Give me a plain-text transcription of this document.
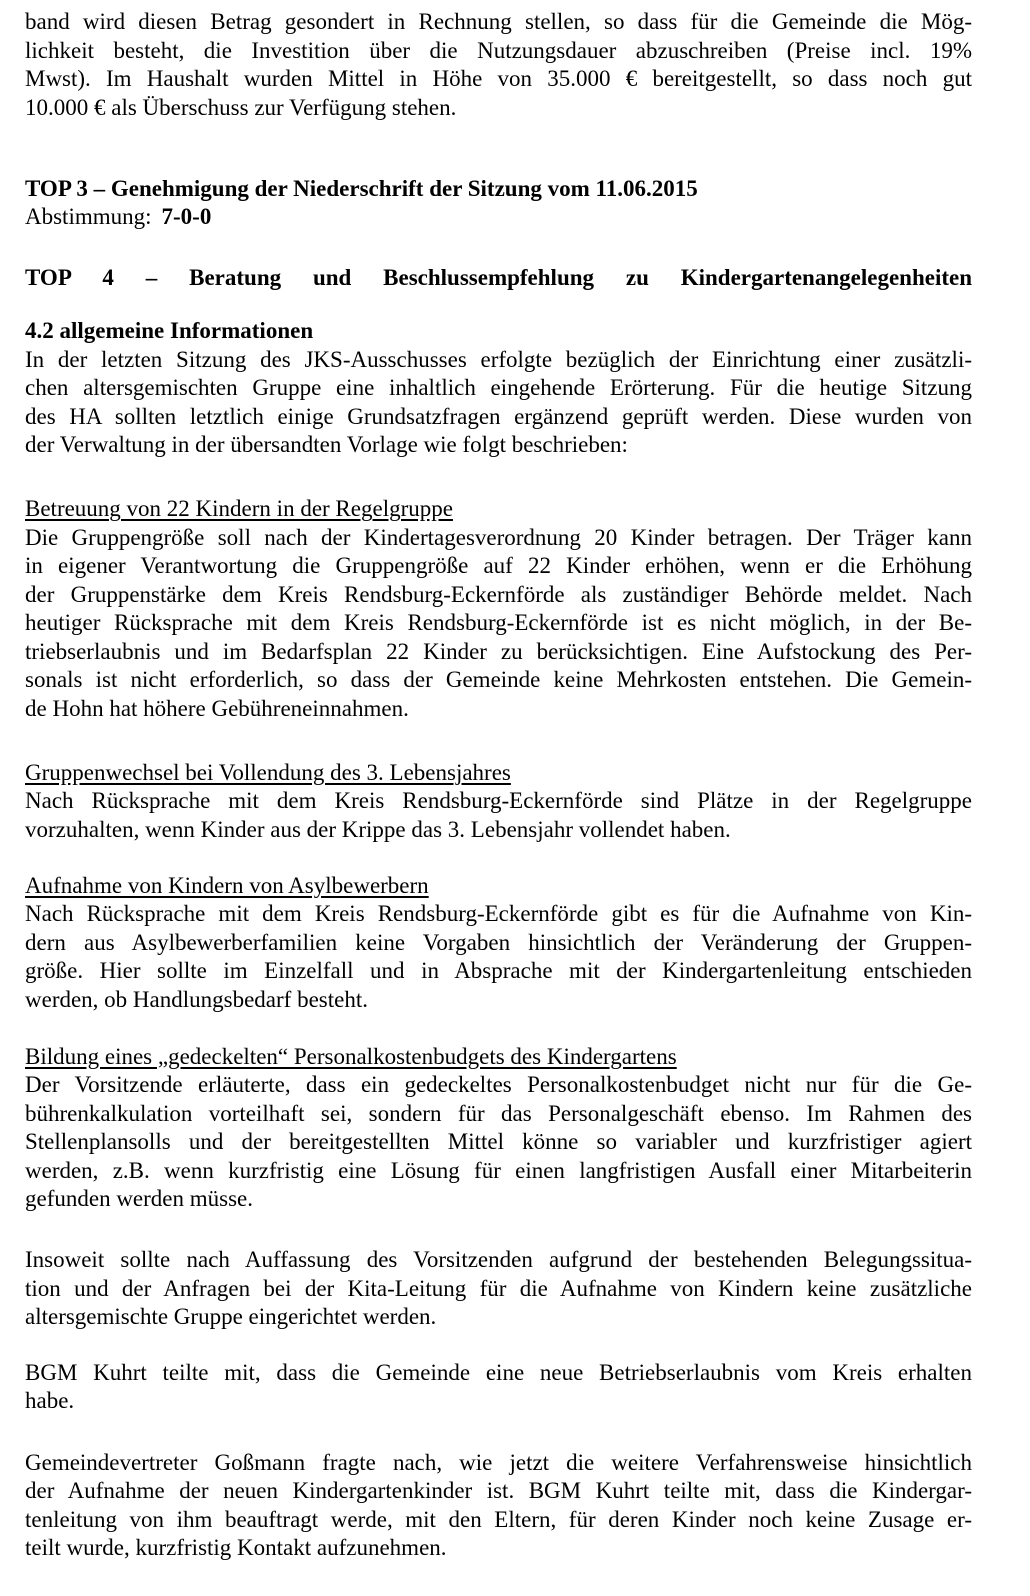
band wird diesen Betrag gesondert in Rechnung stellen, so dass für die Gemeinde die Mög-
lichkeit besteht, die Investition über die Nutzungsdauer abzuschreiben (Preise incl. 19%
Mwst). Im Haushalt wurden Mittel in Höhe von 35.000 € bereitgestellt, so dass noch gut
10.000 € als Überschuss zur Verfügung stehen.
TOP 3 – Genehmigung der Niederschrift der Sitzung vom 11.06.2015
Abstimmung: 7-0-0
TOP 4 – Beratung und Beschlussempfehlung zu Kindergartenangelegenheiten
4.2 allgemeine Informationen
In der letzten Sitzung des JKS-Ausschusses erfolgte bezüglich der Einrichtung einer zusätzli-
chen altersgemischten Gruppe eine inhaltlich eingehende Erörterung. Für die heutige Sitzung
des HA sollten letztlich einige Grundsatzfragen ergänzend geprüft werden. Diese wurden von
der Verwaltung in der übersandten Vorlage wie folgt beschrieben:
Betreuung von 22 Kindern in der Regelgruppe
Die Gruppengröße soll nach der Kindertagesverordnung 20 Kinder betragen. Der Träger kann
in eigener Verantwortung die Gruppengröße auf 22 Kinder erhöhen, wenn er die Erhöhung
der Gruppenstärke dem Kreis Rendsburg-Eckernförde als zuständiger Behörde meldet. Nach
heutiger Rücksprache mit dem Kreis Rendsburg-Eckernförde ist es nicht möglich, in der Be-
triebserlaubnis und im Bedarfsplan 22 Kinder zu berücksichtigen. Eine Aufstockung des Per-
sonals ist nicht erforderlich, so dass der Gemeinde keine Mehrkosten entstehen. Die Gemein-
de Hohn hat höhere Gebühreneinnahmen.
Gruppenwechsel bei Vollendung des 3. Lebensjahres
Nach Rücksprache mit dem Kreis Rendsburg-Eckernförde sind Plätze in der Regelgruppe
vorzuhalten, wenn Kinder aus der Krippe das 3. Lebensjahr vollendet haben.
Aufnahme von Kindern von Asylbewerbern
Nach Rücksprache mit dem Kreis Rendsburg-Eckernförde gibt es für die Aufnahme von Kin-
dern aus Asylbewerberfamilien keine Vorgaben hinsichtlich der Veränderung der Gruppen-
größe. Hier sollte im Einzelfall und in Absprache mit der Kindergartenleitung entschieden
werden, ob Handlungsbedarf besteht.
Bildung eines „gedeckelten“ Personalkostenbudgets des Kindergartens
Der Vorsitzende erläuterte, dass ein gedeckeltes Personalkostenbudget nicht nur für die Ge-
bührenkalkulation vorteilhaft sei, sondern für das Personalgeschäft ebenso. Im Rahmen des
Stellenplansolls und der bereitgestellten Mittel könne so variabler und kurzfristiger agiert
werden, z.B. wenn kurzfristig eine Lösung für einen langfristigen Ausfall einer Mitarbeiterin
gefunden werden müsse.
Insoweit sollte nach Auffassung des Vorsitzenden aufgrund der bestehenden Belegungssitua-
tion und der Anfragen bei der Kita-Leitung für die Aufnahme von Kindern keine zusätzliche
altersgemischte Gruppe eingerichtet werden.
BGM Kuhrt teilte mit, dass die Gemeinde eine neue Betriebserlaubnis vom Kreis erhalten
habe.
Gemeindevertreter Goßmann fragte nach, wie jetzt die weitere Verfahrensweise hinsichtlich
der Aufnahme der neuen Kindergartenkinder ist. BGM Kuhrt teilte mit, dass die Kindergar-
tenleitung von ihm beauftragt werde, mit den Eltern, für deren Kinder noch keine Zusage er-
teilt wurde, kurzfristig Kontakt aufzunehmen.
